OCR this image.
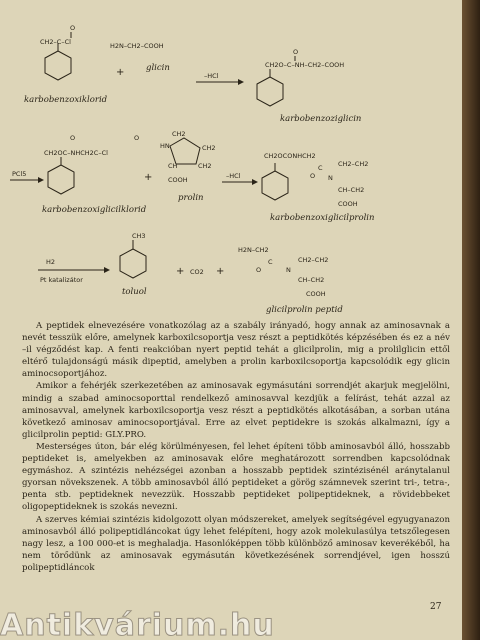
CH2–C–Cl
O
karbobenzoxiklorid
+
H2N–CH2–COOH
glicin
–HCl
CH2O–C–NH–CH2–COOH
O
karbobenzoziglicin
PCl5
CH2OC–NHCH2C–Cl
O	O
karbobenzoxiglicilklorid
+
HN
CH2
CH2
CH	CH2
COOH
prolin
–HCl
CH2OCONHCH2
C
N
O
CH2–CH2
CH–CH2
COOH
karbobenzoxiglicilprolin
H2
Pt katalizátor
CH3
toluol
+ CO2 +
H2N–CH2
C
O	N
CH2–CH2
CH–CH2
COOH
glicilprolin peptid

A peptidek elnevezésére vonatkozólag az a szabály irányadó, hogy annak az aminosavnak a nevét tesszük előre, amelynek karboxilcsoportja vesz részt a peptidkötés képzésében és ez a név –il végződést kap. A fenti reakcióban nyert peptid tehát a glicilprolin, mig a prolilglicin ettől eltérő tulajdonságú másik dipeptid, amelyben a prolin karboxilcsoportja kapcsolódik egy glicin aminocsoportjához.

Amikor a fehérjék szerkezetében az aminosavak egymásutáni sorrendjét akarjuk megjelölni, mindig a szabad aminocsoporttal rendelkező aminosavval kezdjük a felírást, tehát azzal az aminosavval, amelynek karboxilcsoportja vesz részt a peptidkötés alkotásában, a sorban utána következő aminosav aminocsoportjával. Erre az elvet peptidekre is szokás alkalmazni, így a glicilprolin peptid: GLY.PRO.

Mesterséges úton, bár elég körülményesen, fel lehet építeni több aminosavból álló, hosszabb peptideket is, amelyekben az aminosavak előre meghatározott sorrendben kapcsolódnak egymáshoz. A szintézis nehézségei azonban a hosszabb peptidek szintézisénél aránytalanul gyorsan növekszenek. A több aminosavból álló peptideket a görög számnevek szerint tri-, tetra-, penta stb. peptideknek nevezzük. Hosszabb peptideket polipeptideknek, a rövidebbeket oligopeptideknek is szokás nevezni.

A szerves kémiai szintézis kidolgozott olyan módszereket, amelyek segítségével egyugyanazon aminosavból álló polipeptidláncokat úgy lehet felépíteni, hogy azok molekulasúlya tetszőlegesen nagy lesz, a 100 000-et is meghaladja. Hasonlóképpen több különböző aminosav keverékéből, ha nem törődünk az aminosavak egymásután következésének sorrendjével, igen hosszú polipeptidláncok

27
Antikvárium.hu
